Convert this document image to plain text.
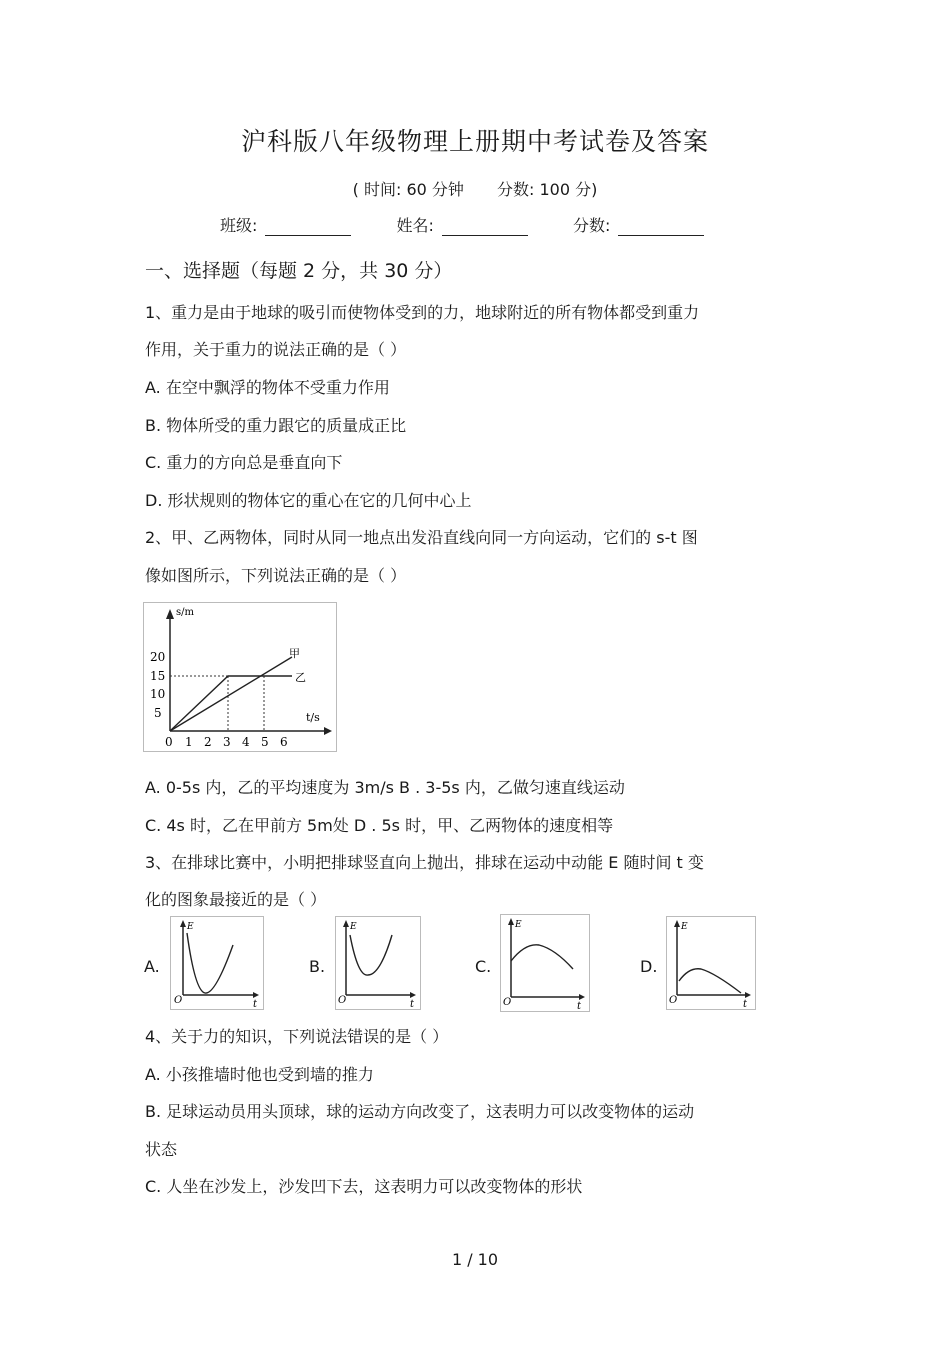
沪科版八年级物理上册期中考试卷及答案
( 时间: 60 分钟 分数: 100 分)
班级:	姓名:	分数:
一、选择题（每题 2 分，共 30 分）
1、重力是由于地球的吸引而使物体受到的力，地球附近的所有物体都受到重力
作用，关于重力的说法正确的是（ ）
A. 在空中飘浮的物体不受重力作用
B. 物体所受的重力跟它的质量成正比
C. 重力的方向总是垂直向下
D. 形状规则的物体它的重心在它的几何中心上
2、甲、乙两物体，同时从同一地点出发沿直线向同一方向运动，它们的 s-t 图
像如图所示，下列说法正确的是（ ）
s/m
t/s
20
15
10
5
0 1 2 3 4 5 6
甲
乙
A. 0-5s 内，乙的平均速度为 3m/s B . 3-5s 内，乙做匀速直线运动
C. 4s 时，乙在甲前方 5m处 D . 5s 时，甲、乙两物体的速度相等
3、在排球比赛中，小明把排球竖直向上抛出，排球在运动中动能 E 随时间 t 变
化的图象最接近的是（ ）
A.
E
O	t
B.
E
O	t
C.
E
O	t
D.
E
O	t
4、关于力的知识，下列说法错误的是（ ）
A. 小孩推墙时他也受到墙的推力
B. 足球运动员用头顶球，球的运动方向改变了，这表明力可以改变物体的运动
状态
C. 人坐在沙发上，沙发凹下去，这表明力可以改变物体的形状
1 / 10
